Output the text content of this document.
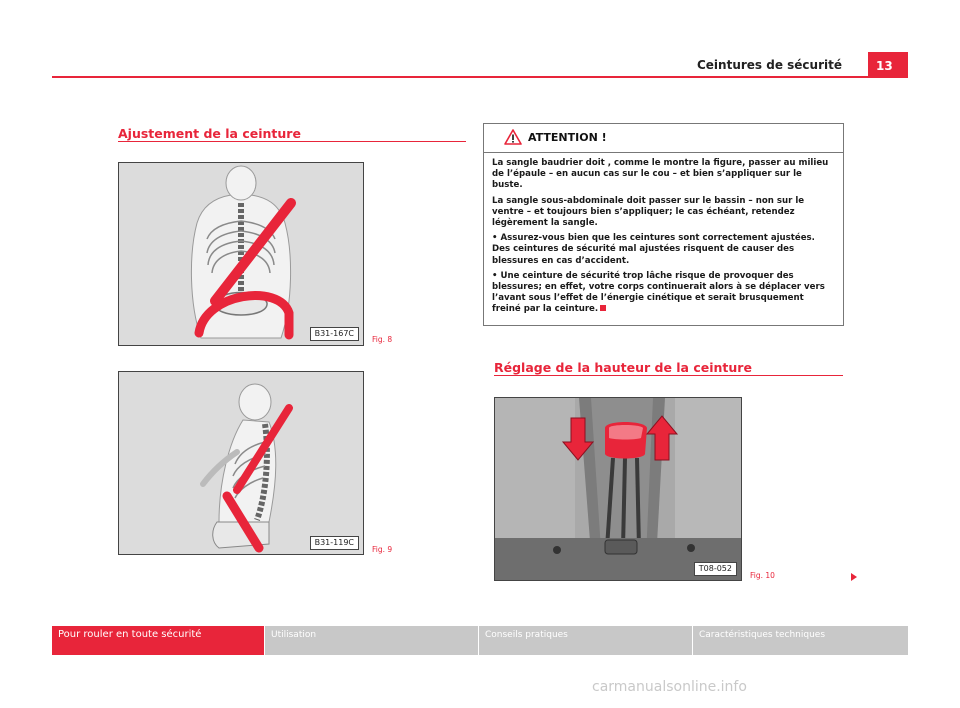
Ceintures de sécurité	13
Ajustement de la ceinture
B31-167C
Fig. 8
B31-119C
Fig. 9
ATTENTION !

La sangle baudrier doit , comme le montre la figure, passer au milieu de l’épaule – en aucun cas sur le cou – et bien s’appliquer sur le buste.

La sangle sous-abdominale doit passer sur le bassin – non sur le ventre – et toujours bien s’appliquer; le cas échéant, retendez légèrement la sangle.

• Assurez-vous bien que les ceintures sont correctement ajustées. Des ceintures de sécurité mal ajustées risquent de causer des blessures en cas d’accident.

• Une ceinture de sécurité trop lâche risque de provoquer des blessures; en effet, votre corps continuerait alors à se déplacer vers l’avant sous l’effet de l’énergie cinétique et serait brusquement freiné par la ceinture.

Réglage de la hauteur de la ceinture
T08-052
Fig. 10
Pour rouler en toute sécurité	Utilisation	Conseils pratiques	Caractéristiques techniques
carmanualsonline.info
